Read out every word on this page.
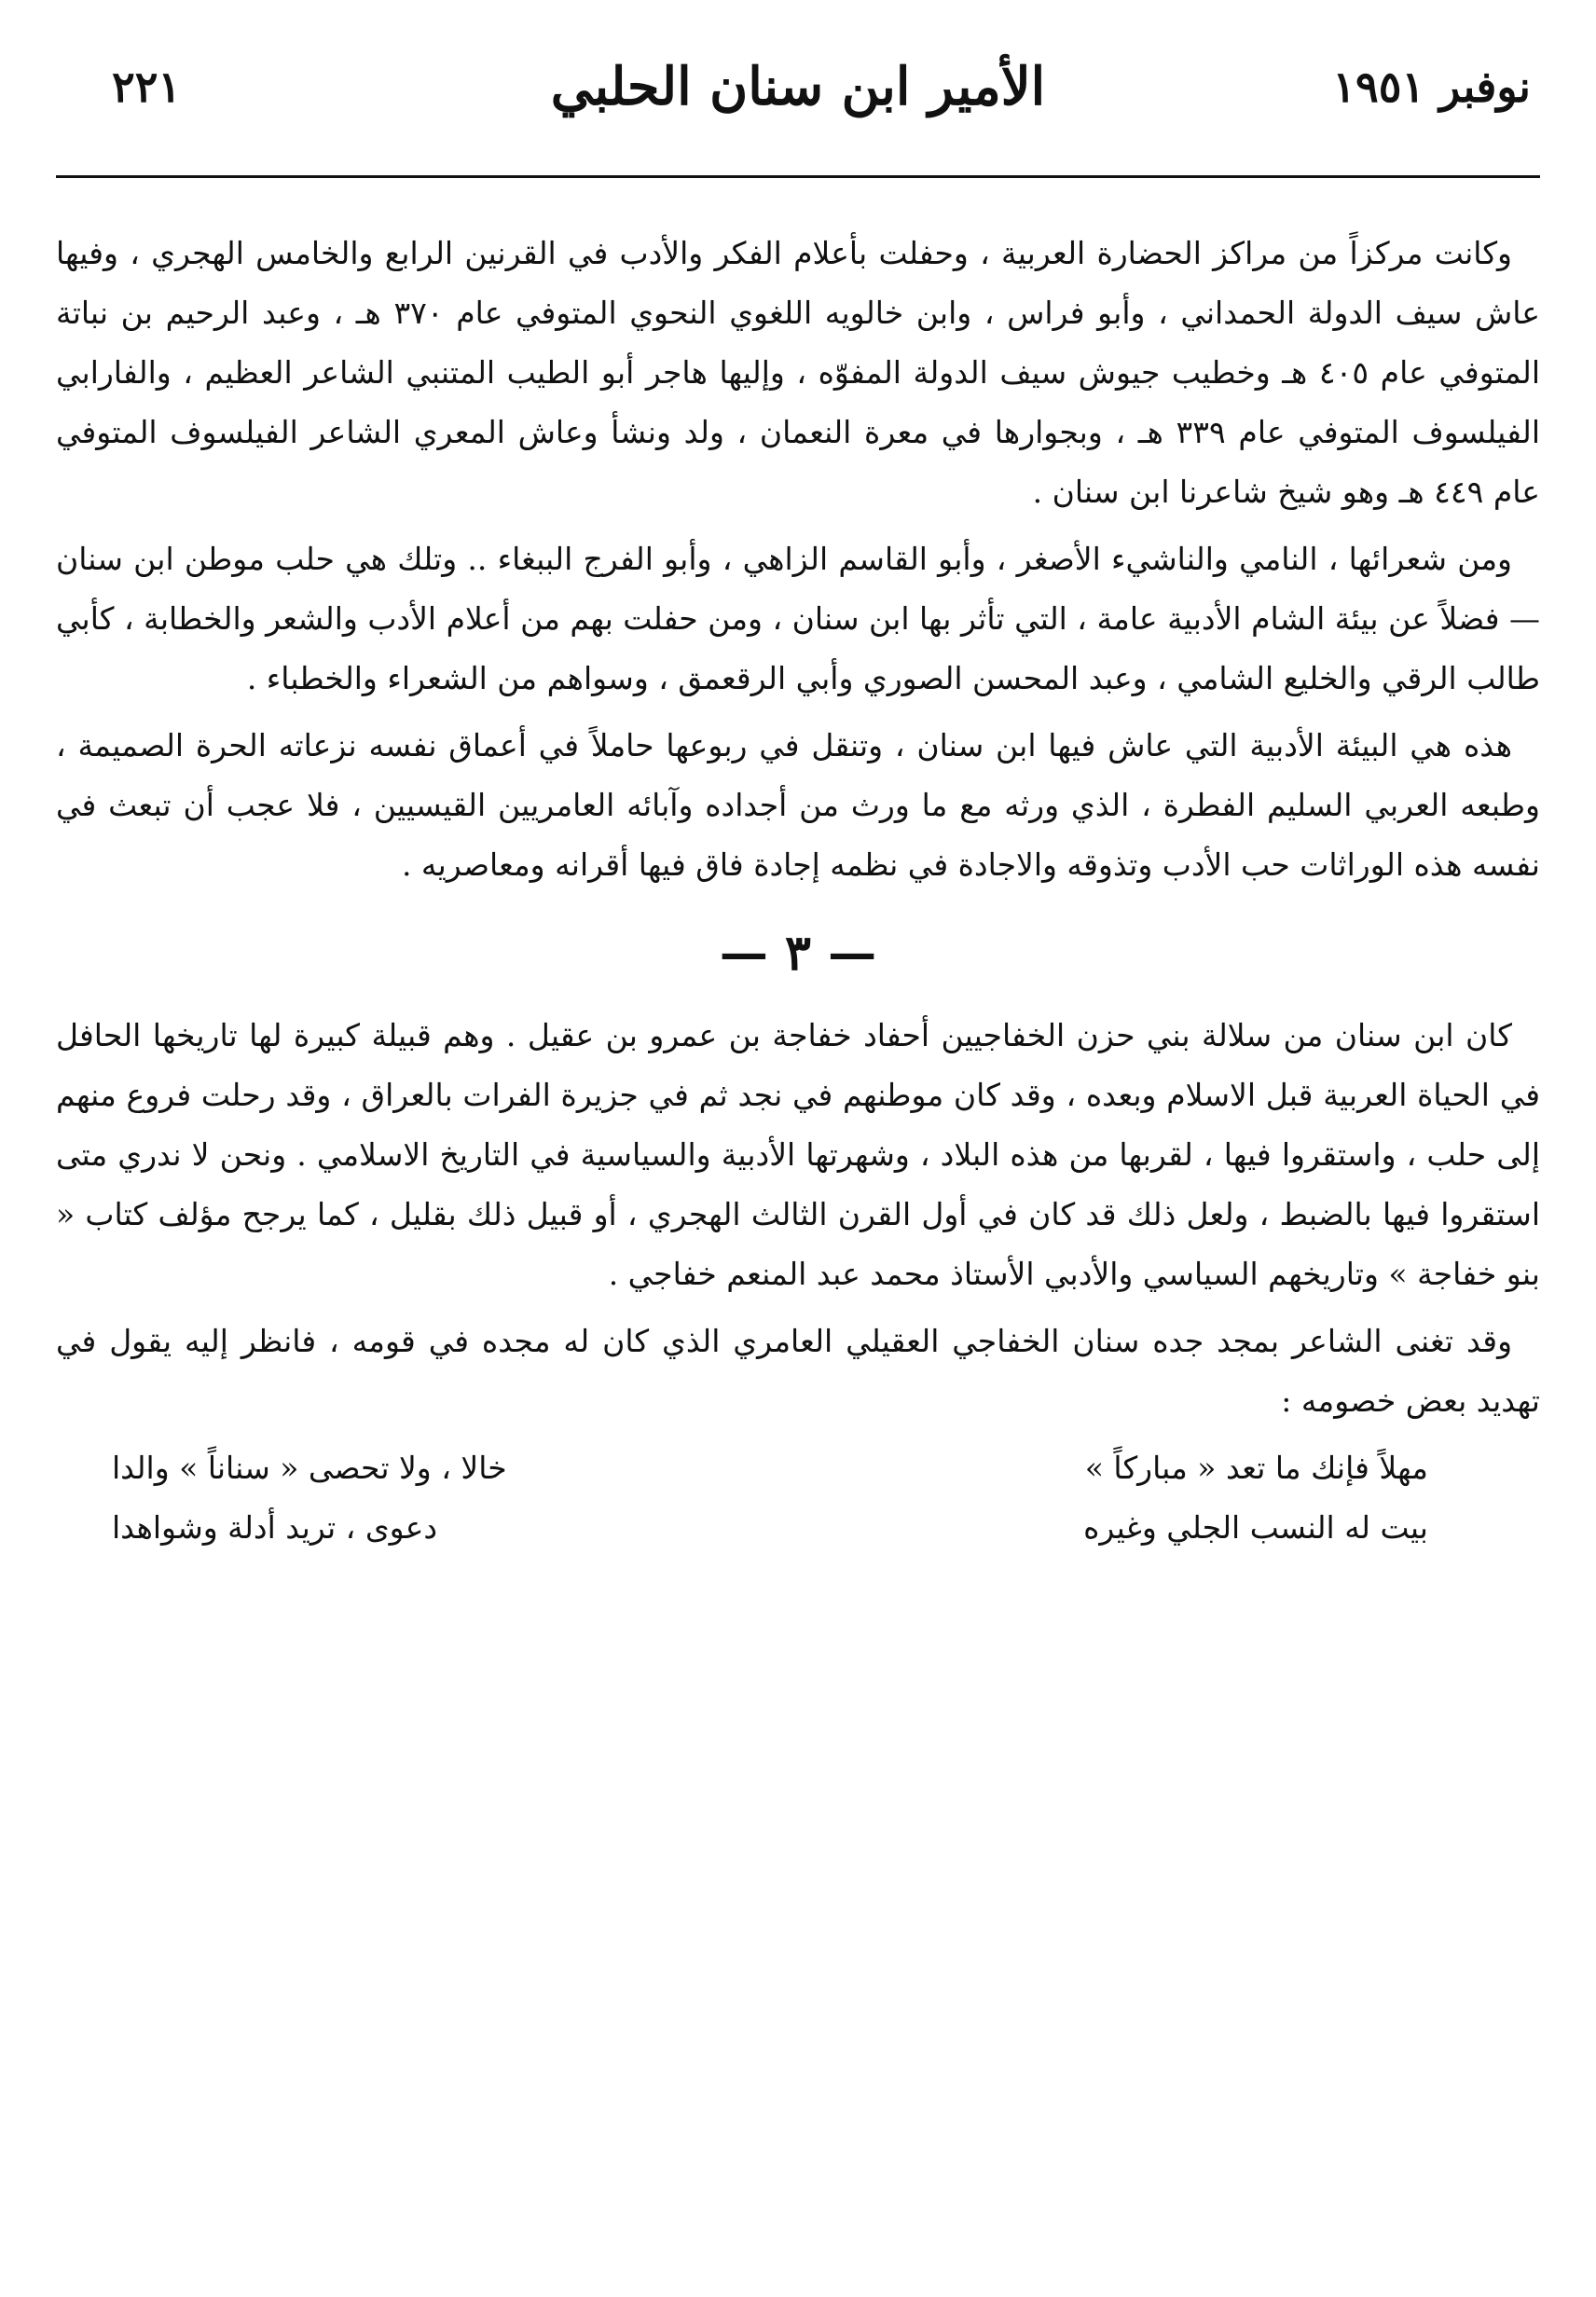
نوفبر ١٩٥١
الأمير ابن سنان الحلبي
٢٢١

وكانت مركزاً من مراكز الحضارة العربية ، وحفلت بأعلام الفكر والأدب في القرنين الرابع والخامس الهجري ، وفيها عاش سيف الدولة الحمداني ، وأبو فراس ، وابن خالويه اللغوي النحوي المتوفي عام ٣٧٠ هـ ، وعبد الرحيم بن نباتة المتوفي عام ٤٠٥ هـ وخطيب جيوش سيف الدولة المفوّه ، وإليها هاجر أبو الطيب المتنبي الشاعر العظيم ، والفارابي الفيلسوف المتوفي عام ٣٣٩ هـ ، وبجوارها في معرة النعمان ، ولد ونشأ وعاش المعري الشاعر الفيلسوف المتوفي عام ٤٤٩ هـ وهو شيخ شاعرنا ابن سنان .

ومن شعرائها ، النامي والناشيء الأصغر ، وأبو القاسم الزاهي ، وأبو الفرج الببغاء .. وتلك هي حلب موطن ابن سنان — فضلاً عن بيئة الشام الأدبية عامة ، التي تأثر بها ابن سنان ، ومن حفلت بهم من أعلام الأدب والشعر والخطابة ، كأبي طالب الرقي والخليع الشامي ، وعبد المحسن الصوري وأبي الرقعمق ، وسواهم من الشعراء والخطباء .

هذه هي البيئة الأدبية التي عاش فيها ابن سنان ، وتنقل في ربوعها حاملاً في أعماق نفسه نزعاته الحرة الصميمة ، وطبعه العربي السليم الفطرة ، الذي ورثه مع ما ورث من أجداده وآبائه العامريين القيسيين ، فلا عجب أن تبعث في نفسه هذه الوراثات حب الأدب وتذوقه والاجادة في نظمه إجادة فاق فيها أقرانه ومعاصريه .

— ٣ —

كان ابن سنان من سلالة بني حزن الخفاجيين أحفاد خفاجة بن عمرو بن عقيل . وهم قبيلة كبيرة لها تاريخها الحافل في الحياة العربية قبل الاسلام وبعده ، وقد كان موطنهم في نجد ثم في جزيرة الفرات بالعراق ، وقد رحلت فروع منهم إلى حلب ، واستقروا فيها ، لقربها من هذه البلاد ، وشهرتها الأدبية والسياسية في التاريخ الاسلامي . ونحن لا ندري متى استقروا فيها بالضبط ، ولعل ذلك قد كان في أول القرن الثالث الهجري ، أو قبيل ذلك بقليل ، كما يرجح مؤلف كتاب « بنو خفاجة » وتاريخهم السياسي والأدبي الأستاذ محمد عبد المنعم خفاجي .

وقد تغنى الشاعر بمجد جده سنان الخفاجي العقيلي العامري الذي كان له مجده في قومه ، فانظر إليه يقول في تهديد بعض خصومه :

مهلاً فإنك ما تعد « مباركاً »
خالا ، ولا تحصى « سناناً » والدا
بيت له النسب الجلي وغيره
دعوى ، تريد أدلة وشواهدا
